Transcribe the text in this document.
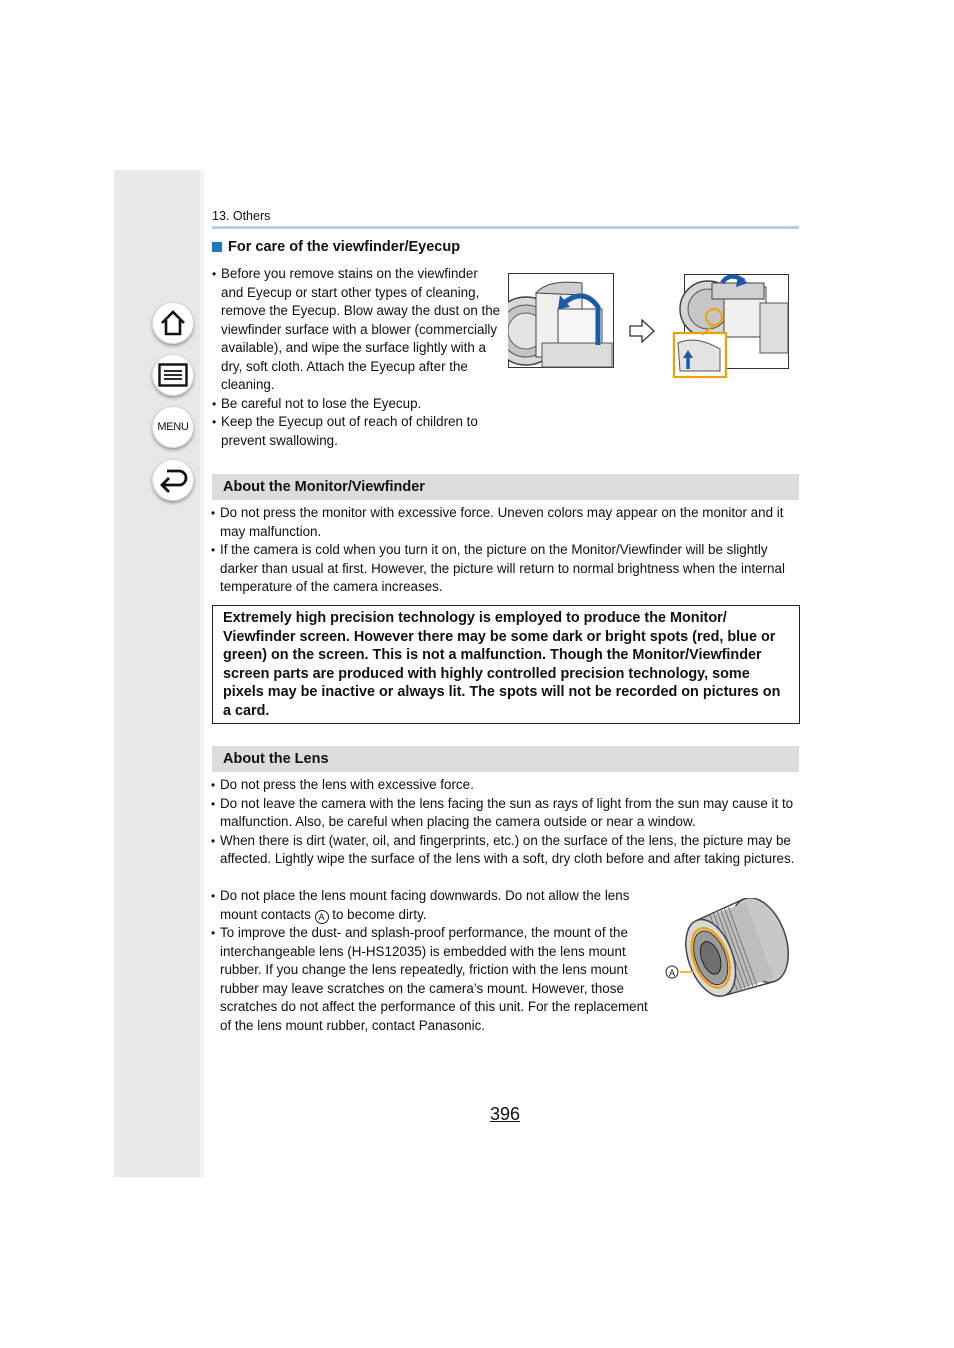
MENU
13. Others
For care of the viewfinder/Eyecup
• Before you remove stains on the viewfinder and Eyecup or start other types of cleaning, remove the Eyecup. Blow away the dust on the viewfinder surface with a blower (commercially available), and wipe the surface lightly with a dry, soft cloth. Attach the Eyecup after the cleaning.
• Be careful not to lose the Eyecup.
• Keep the Eyecup out of reach of children to prevent swallowing.
About the Monitor/Viewfinder
• Do not press the monitor with excessive force. Uneven colors may appear on the monitor and it may malfunction.
• If the camera is cold when you turn it on, the picture on the Monitor/Viewfinder will be slightly darker than usual at first. However, the picture will return to normal brightness when the internal temperature of the camera increases.
Extremely high precision technology is employed to produce the Monitor/ Viewfinder screen. However there may be some dark or bright spots (red, blue or green) on the screen. This is not a malfunction. Though the Monitor/Viewfinder screen parts are produced with highly controlled precision technology, some pixels may be inactive or always lit. The spots will not be recorded on pictures on a card.
About the Lens
• Do not press the lens with excessive force.
• Do not leave the camera with the lens facing the sun as rays of light from the sun may cause it to malfunction. Also, be careful when placing the camera outside or near a window.
• When there is dirt (water, oil, and fingerprints, etc.) on the surface of the lens, the picture may be affected. Lightly wipe the surface of the lens with a soft, dry cloth before and after taking pictures.
• Do not place the lens mount facing downwards. Do not allow the lens mount contacts A to become dirty.
• To improve the dust- and splash-proof performance, the mount of the interchangeable lens (H-HS12035) is embedded with the lens mount rubber. If you change the lens repeatedly, friction with the lens mount rubber may leave scratches on the camera’s mount. However, those scratches do not affect the performance of this unit. For the replacement of the lens mount rubber, contact Panasonic.
A
396
